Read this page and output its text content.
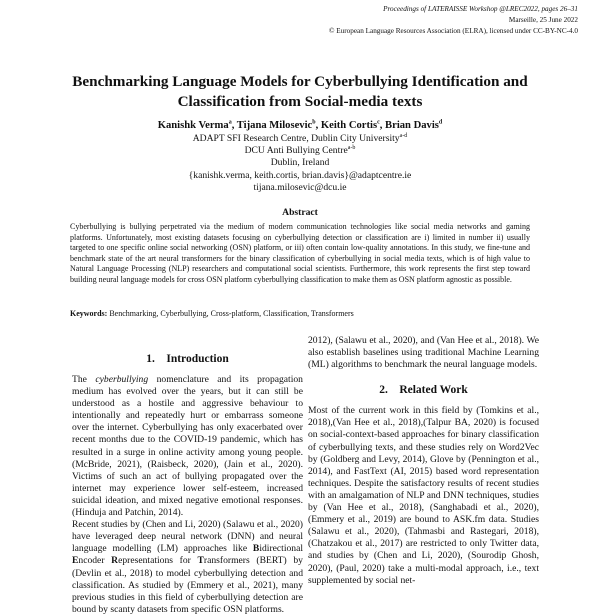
Proceedings of LATERAISSE Workshop @LREC2022, pages 26–31
Marseille, 25 June 2022
© European Language Resources Association (ELRA), licensed under CC-BY-NC-4.0
Benchmarking Language Models for Cyberbullying Identification and
Classification from Social-media texts
Kanishk Verma$^a$, Tijana Milosevic$^b$, Keith Cortis$^c$, Brian Davis$^d$
ADAPT SFI Research Centre, Dublin City University$^{a-d}$
DCU Anti Bullying Centre$^{a-b}$
Dublin, Ireland
{kanishk.verma, keith.cortis, brian.davis}@adaptcentre.ie
tijana.milosevic@dcu.ie
Abstract
Cyberbullying is bullying perpetrated via the medium of modern communication technologies like social media networks and gaming platforms. Unfortunately, most existing datasets focusing on cyberbullying detection or classification are i) limited in number ii) usually targeted to one specific online social networking (OSN) platform, or iii) often contain low-quality annotations. In this study, we fine-tune and benchmark state of the art neural transformers for the binary classification of cyberbullying in social media texts, which is of high value to Natural Language Processing (NLP) researchers and computational social scientists. Furthermore, this work represents the first step toward building neural language models for cross OSN platform cyberbullying classification to make them as OSN platform agnostic as possible.
Keywords: Benchmarking, Cyberbullying, Cross-platform, Classification, Transformers
1.    Introduction

The cyberbullying nomenclature and its propagation medium has evolved over the years, but it can still be understood as a hostile and aggressive behaviour to intentionally and repeatedly hurt or embarrass someone over the internet. Cyberbullying has only exacerbated over recent months due to the COVID-19 pandemic, which has resulted in a surge in online activity among young people. (McBride, 2021), (Raisbeck, 2020), (Jain et al., 2020). Victims of such an act of bullying propagated over the internet may experience lower self-esteem, increased suicidal ideation, and mixed negative emotional responses. (Hinduja and Patchin, 2014).

Recent studies by (Chen and Li, 2020) (Salawu et al., 2020) have leveraged deep neural network (DNN) and neural language modelling (LM) approaches like Bidirectional Encoder Representations for Transformers (BERT) by (Devlin et al., 2018) to model cyberbullying detection and classification. As studied by (Emmery et al., 2021), many previous studies in this field of cyberbullying detection are bound by scanty datasets from specific OSN platforms.

2012), (Salawu et al., 2020), and (Van Hee et al., 2018). We also establish baselines using traditional Machine Learning (ML) algorithms to benchmark the neural language models.

2.    Related Work

Most of the current work in this field by (Tomkins et al., 2018),(Van Hee et al., 2018),(Talpur BA, 2020) is focused on social-context-based approaches for binary classification of cyberbullying texts, and these studies rely on Word2Vec by (Goldberg and Levy, 2014), Glove by (Pennington et al., 2014), and FastText (AI, 2015) based word representation techniques. Despite the satisfactory results of recent studies with an amalgamation of NLP and DNN techniques, studies by (Van Hee et al., 2018), (Sanghabadi et al., 2020), (Emmery et al., 2019) are bound to ASK.fm data. Studies (Salawu et al., 2020), (Tahmasbi and Rastegari, 2018), (Chatzakou et al., 2017) are restricted to only Twitter data, and studies by (Chen and Li, 2020), (Sourodip Ghosh, 2020), (Paul, 2020) take a multi-modal approach, i.e., text supplemented by social net-
